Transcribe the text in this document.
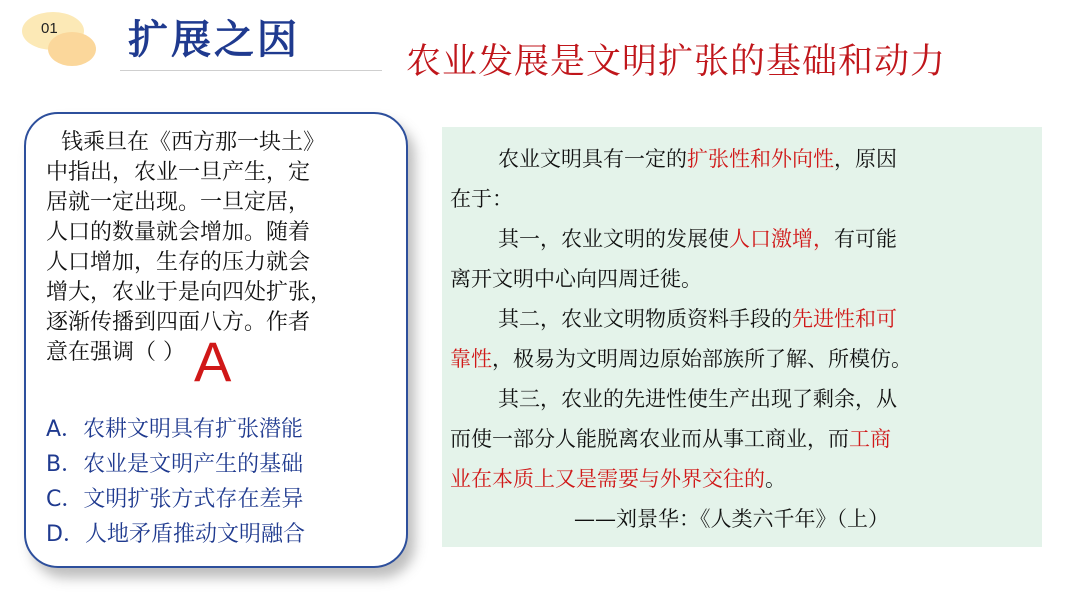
01 扩展之因	农业发展是文明扩张的基础和动力
钱乘旦在《西方那一块土》
中指出，农业一旦产生，定
居就一定出现。一旦定居，
人口的数量就会增加。随着
人口增加，生存的压力就会
增大，农业于是向四处扩张，
逐渐传播到四面八方。作者
意在强调（ ） A
A．农耕文明具有扩张潜能
B．农业是文明产生的基础
C．文明扩张方式存在差异
D．人地矛盾推动文明融合
农业文明具有一定的扩张性和外向性，原因
在于：
其一，农业文明的发展使人口激增，有可能
离开文明中心向四周迁徙。
其二，农业文明物质资料手段的先进性和可
靠性，极易为文明周边原始部族所了解、所模仿。
其三，农业的先进性使生产出现了剩余，从
而使一部分人能脱离农业而从事工商业，而工商
业在本质上又是需要与外界交往的。
——刘景华：《人类六千年》（上）
